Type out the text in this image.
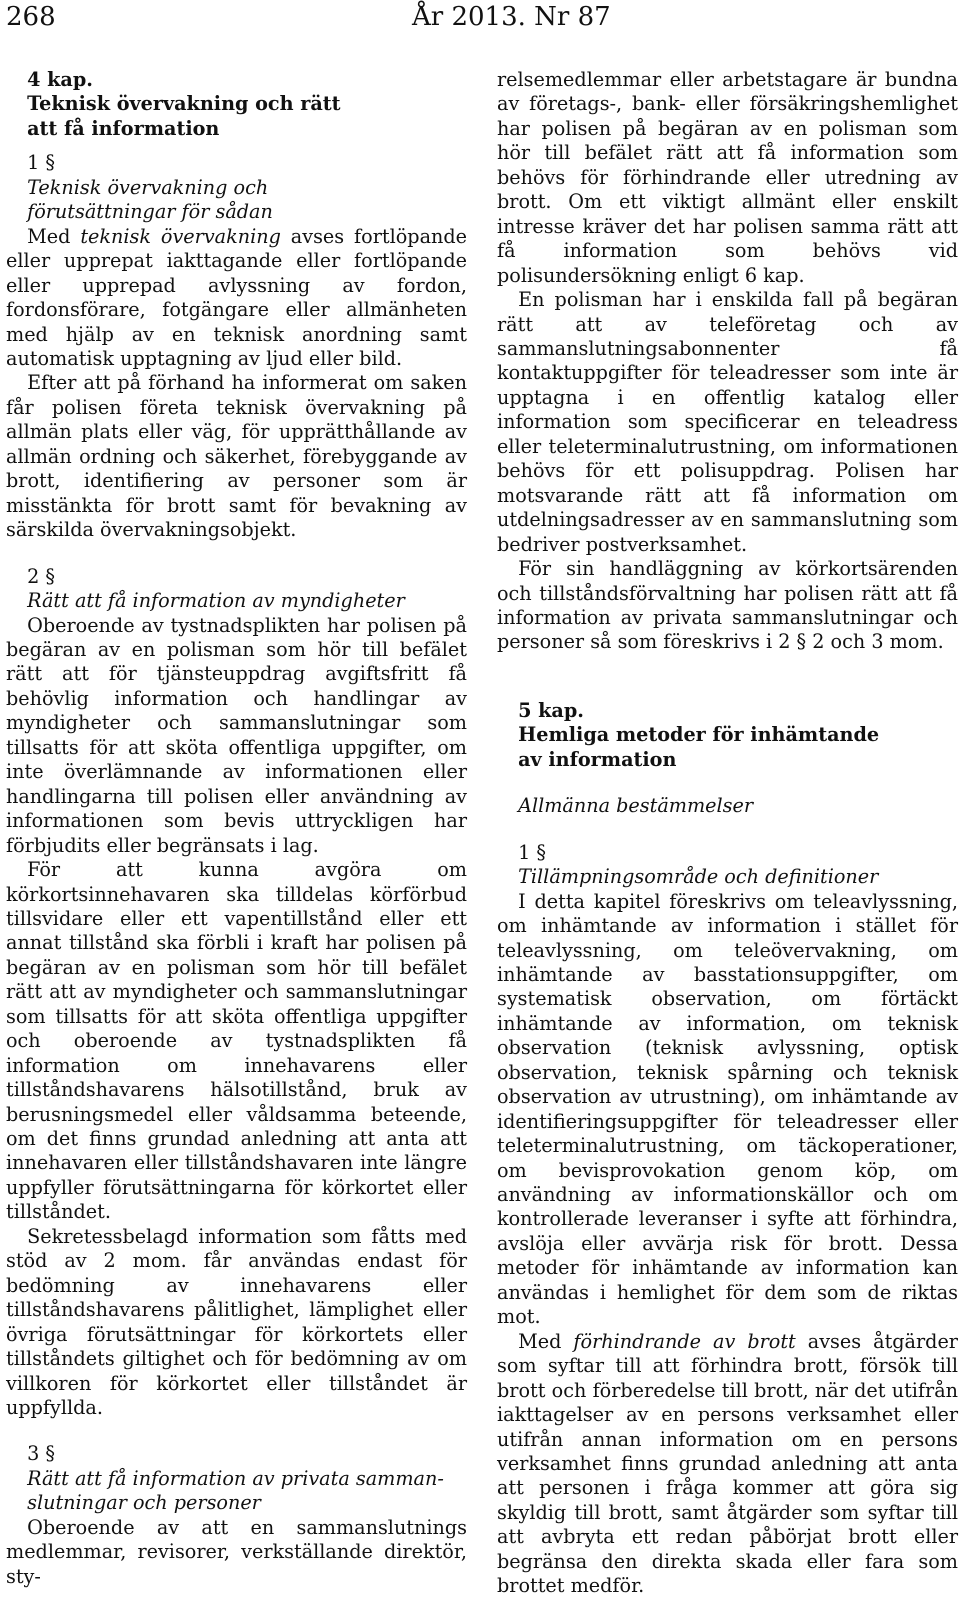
268	År 2013. Nr 87

4 kap.

Teknisk övervakning och rätt

att få information

1 §

Teknisk övervakning och

förutsättningar för sådan

Med teknisk övervakning avses fortlöpande eller upprepat iakttagande eller fortlöpande eller upprepad avlyssning av fordon, fordonsförare, fotgängare eller allmänheten med hjälp av en teknisk anordning samt automatisk upptagning av ljud eller bild.

Efter att på förhand ha informerat om saken får polisen företa teknisk övervakning på allmän plats eller väg, för upprätthållande av allmän ordning och säkerhet, förebyggande av brott, identifiering av personer som är misstänkta för brott samt för bevakning av särskilda övervakningsobjekt.

2 §

Rätt att få information av myndigheter

Oberoende av tystnadsplikten har polisen på begäran av en polisman som hör till befälet rätt att för tjänsteuppdrag avgiftsfritt få behövlig information och handlingar av myndigheter och sammanslutningar som tillsatts för att sköta offentliga uppgifter, om inte överlämnande av informationen eller handlingarna till polisen eller användning av informationen som bevis uttryckligen har förbjudits eller begränsats i lag.

För att kunna avgöra om körkortsinnehavaren ska tilldelas körförbud tillsvidare eller ett vapentillstånd eller ett annat tillstånd ska förbli i kraft har polisen på begäran av en polisman som hör till befälet rätt att av myndigheter och sammanslutningar som tillsatts för att sköta offentliga uppgifter och oberoende av tystnadsplikten få information om innehavarens eller tillståndshavarens hälsotillstånd, bruk av berusningsmedel eller våldsamma beteende, om det finns grundad anledning att anta att innehavaren eller tillståndshavaren inte längre uppfyller förutsättningarna för körkortet eller tillståndet.

Sekretessbelagd information som fåtts med stöd av 2 mom. får användas endast för bedömning av innehavarens eller tillståndshavarens pålitlighet, lämplighet eller övriga förutsättningar för körkortets eller tillståndets giltighet och för bedömning av om villkoren för körkortet eller tillståndet är uppfyllda.

3 §

Rätt att få information av privata samman-

slutningar och personer

Oberoende av att en sammanslutnings medlemmar, revisorer, verkställande direktör, sty-

relsemedlemmar eller arbetstagare är bundna av företags-, bank- eller försäkringshemlighet har polisen på begäran av en polisman som hör till befälet rätt att få information som behövs för förhindrande eller utredning av brott. Om ett viktigt allmänt eller enskilt intresse kräver det har polisen samma rätt att få information som behövs vid polisundersökning enligt 6 kap.

En polisman har i enskilda fall på begäran rätt att av teleföretag och av sammanslutningsabonnenter få kontaktuppgifter för teleadresser som inte är upptagna i en offentlig katalog eller information som specificerar en teleadress eller teleterminalutrustning, om informationen behövs för ett polisuppdrag. Polisen har motsvarande rätt att få information om utdelningsadresser av en sammanslutning som bedriver postverksamhet.

För sin handläggning av körkortsärenden och tillståndsförvaltning har polisen rätt att få information av privata sammanslutningar och personer så som föreskrivs i 2 § 2 och 3 mom.

5 kap.

Hemliga metoder för inhämtande

av information

Allmänna bestämmelser

1 §

Tillämpningsområde och definitioner

I detta kapitel föreskrivs om teleavlyssning, om inhämtande av information i stället för teleavlyssning, om teleövervakning, om inhämtande av basstationsuppgifter, om systematisk observation, om förtäckt inhämtande av information, om teknisk observation (teknisk avlyssning, optisk observation, teknisk spårning och teknisk observation av utrustning), om inhämtande av identifieringsuppgifter för teleadresser eller teleterminalutrustning, om täckoperationer, om bevisprovokation genom köp, om användning av informationskällor och om kontrollerade leveranser i syfte att förhindra, avslöja eller avvärja risk för brott. Dessa metoder för inhämtande av information kan användas i hemlighet för dem som de riktas mot.

Med förhindrande av brott avses åtgärder som syftar till att förhindra brott, försök till brott och förberedelse till brott, när det utifrån iakttagelser av en persons verksamhet eller utifrån annan information om en persons verksamhet finns grundad anledning att anta att personen i fråga kommer att göra sig skyldig till brott, samt åtgärder som syftar till att avbryta ett redan påbörjat brott eller begränsa den direkta skada eller fara som brottet medför.
